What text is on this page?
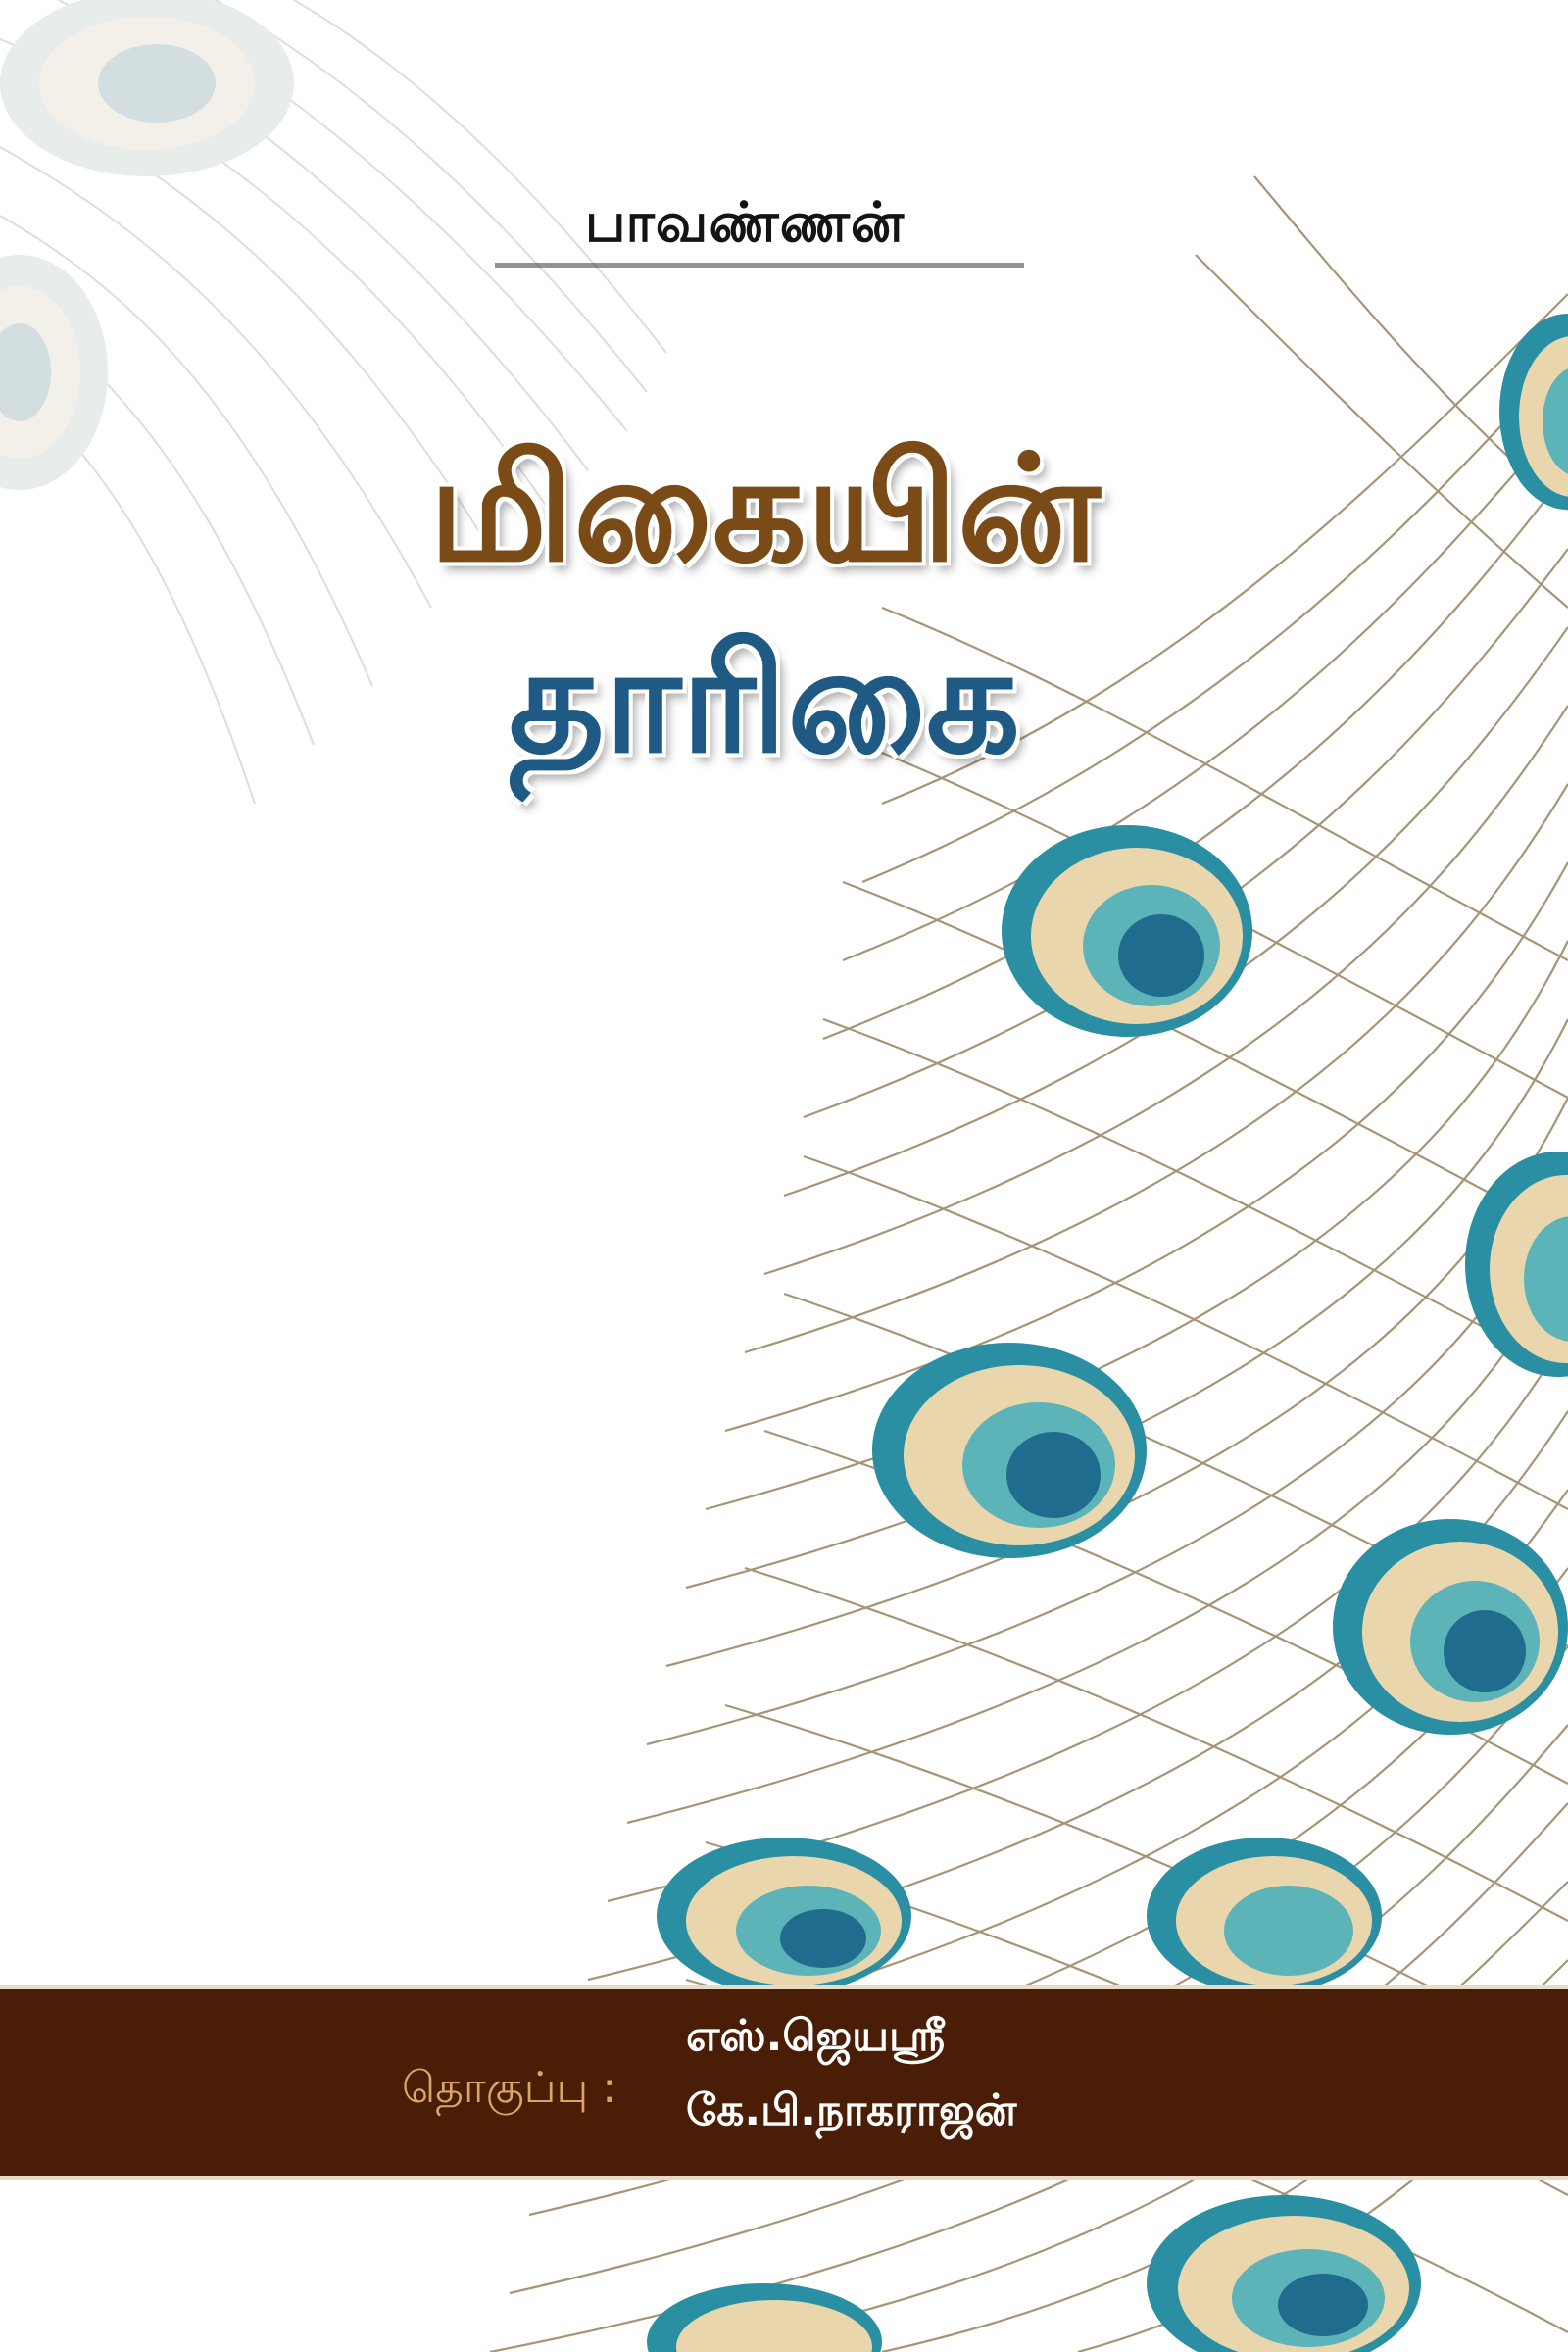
பாவண்ணன்
மிகையின்
தாரிகை
தொகுப்பு :
எஸ்.ஜெயஸ்ரீ
கே.பி.நாகராஜன்
